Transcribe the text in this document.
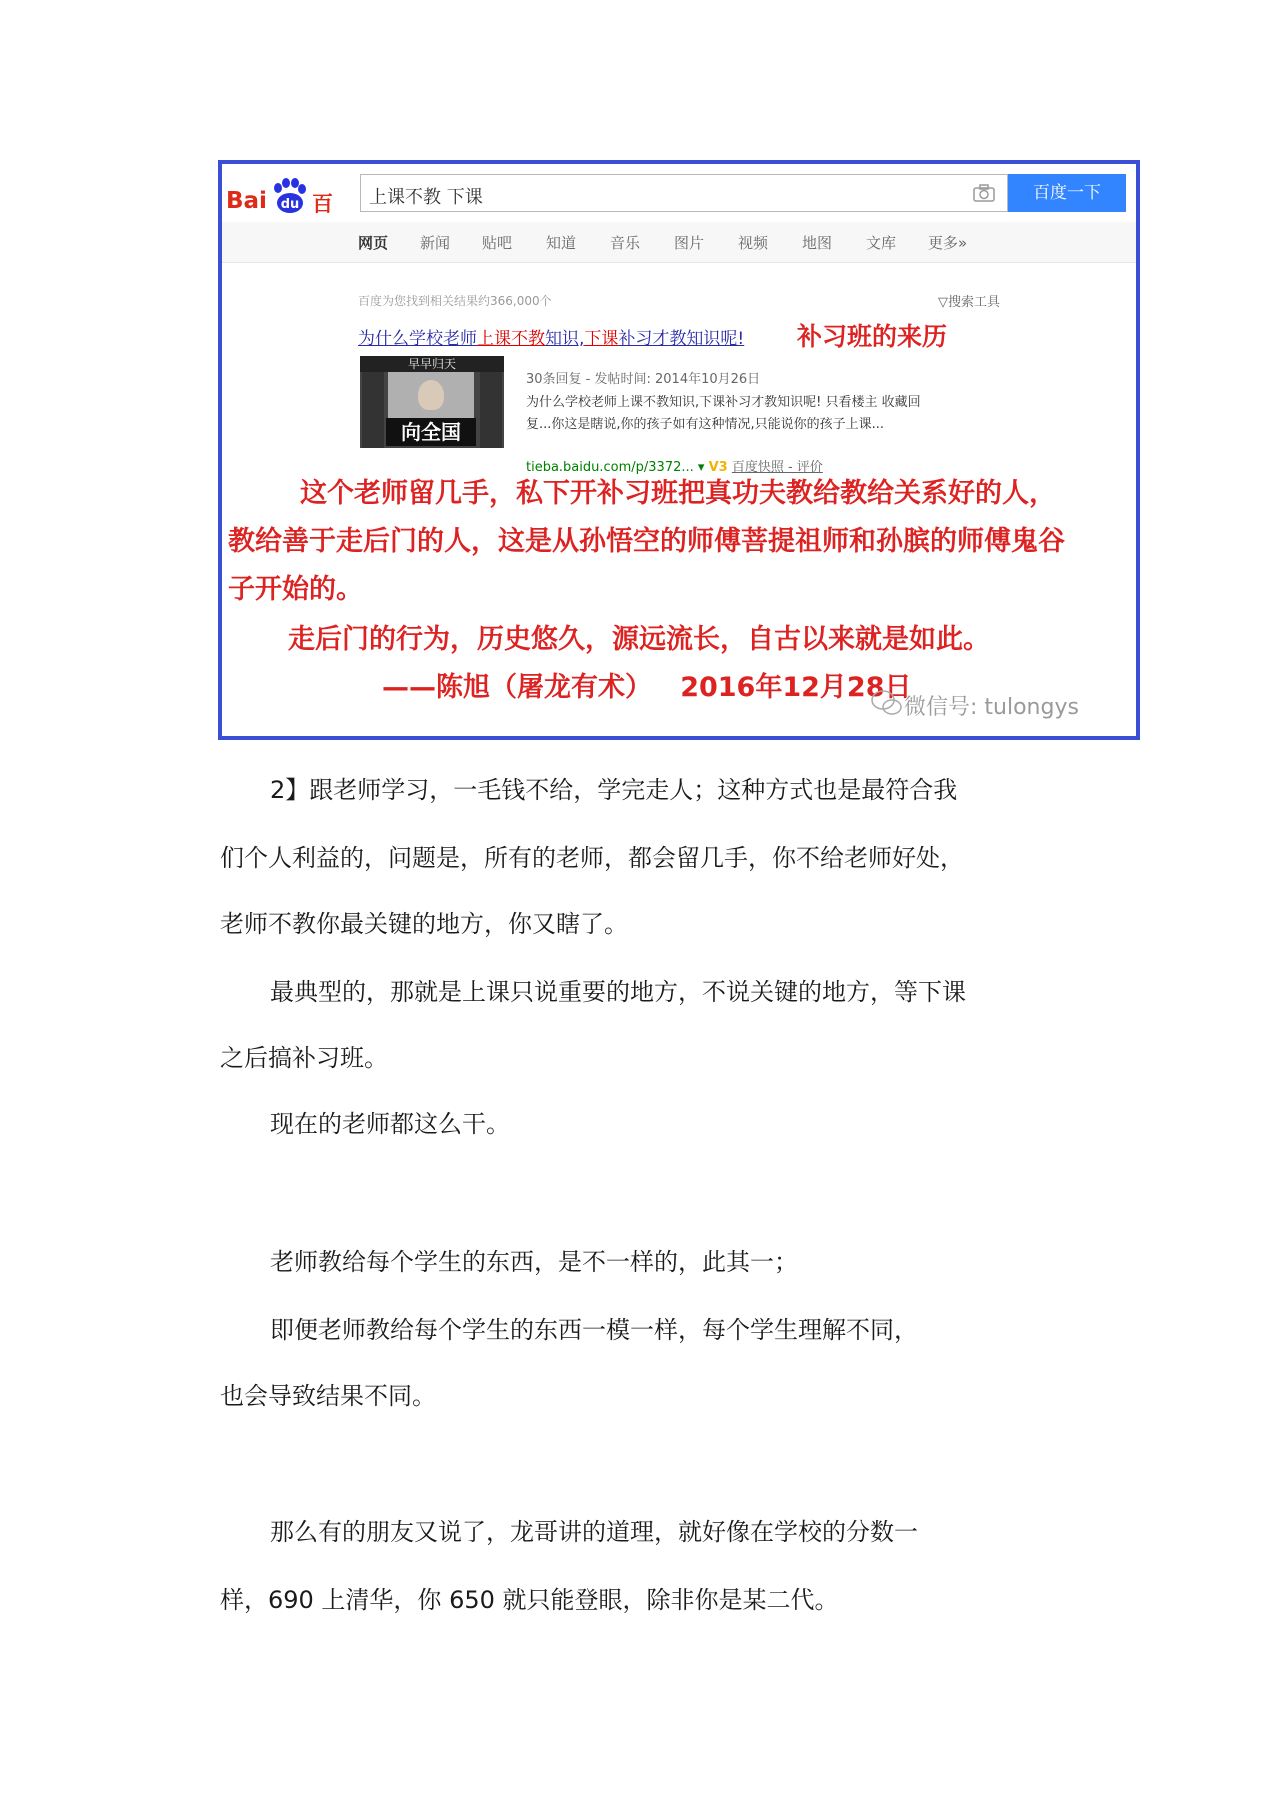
Bai du 百	上课不教 下课	百度一下
网页 新闻 贴吧 知道 音乐 图片 视频 地图 文库 更多»
百度为您找到相关结果约366,000个	▽搜索工具
为什么学校老师上课不教知识,下课补习才教知识呢! 补习班的来历
早早归天
向全国
30条回复 - 发帖时间: 2014年10月26日
为什么学校老师上课不教知识,下课补习才教知识呢! 只看楼主 收藏回
复...你这是瞎说,你的孩子如有这种情况,只能说你的孩子上课...
tieba.baidu.com/p/3372... ▾ V3 百度快照 - 评价
这个老师留几手，私下开补习班把真功夫教给教给关系好的人，
教给善于走后门的人，这是从孙悟空的师傅菩提祖师和孙膑的师傅鬼谷
子开始的。
走后门的行为，历史悠久，源远流长，自古以来就是如此。
——陈旭（屠龙有术）   2016年12月28日
微信号: tulongys
2】跟老师学习，一毛钱不给，学完走人；这种方式也是最符合我
们个人利益的，问题是，所有的老师，都会留几手，你不给老师好处，
老师不教你最关键的地方，你又瞎了。
最典型的，那就是上课只说重要的地方，不说关键的地方，等下课
之后搞补习班。
现在的老师都这么干。
老师教给每个学生的东西，是不一样的，此其一；
即便老师教给每个学生的东西一模一样，每个学生理解不同，
也会导致结果不同。
那么有的朋友又说了，龙哥讲的道理，就好像在学校的分数一
样，690 上清华，你 650 就只能登眼，除非你是某二代。
